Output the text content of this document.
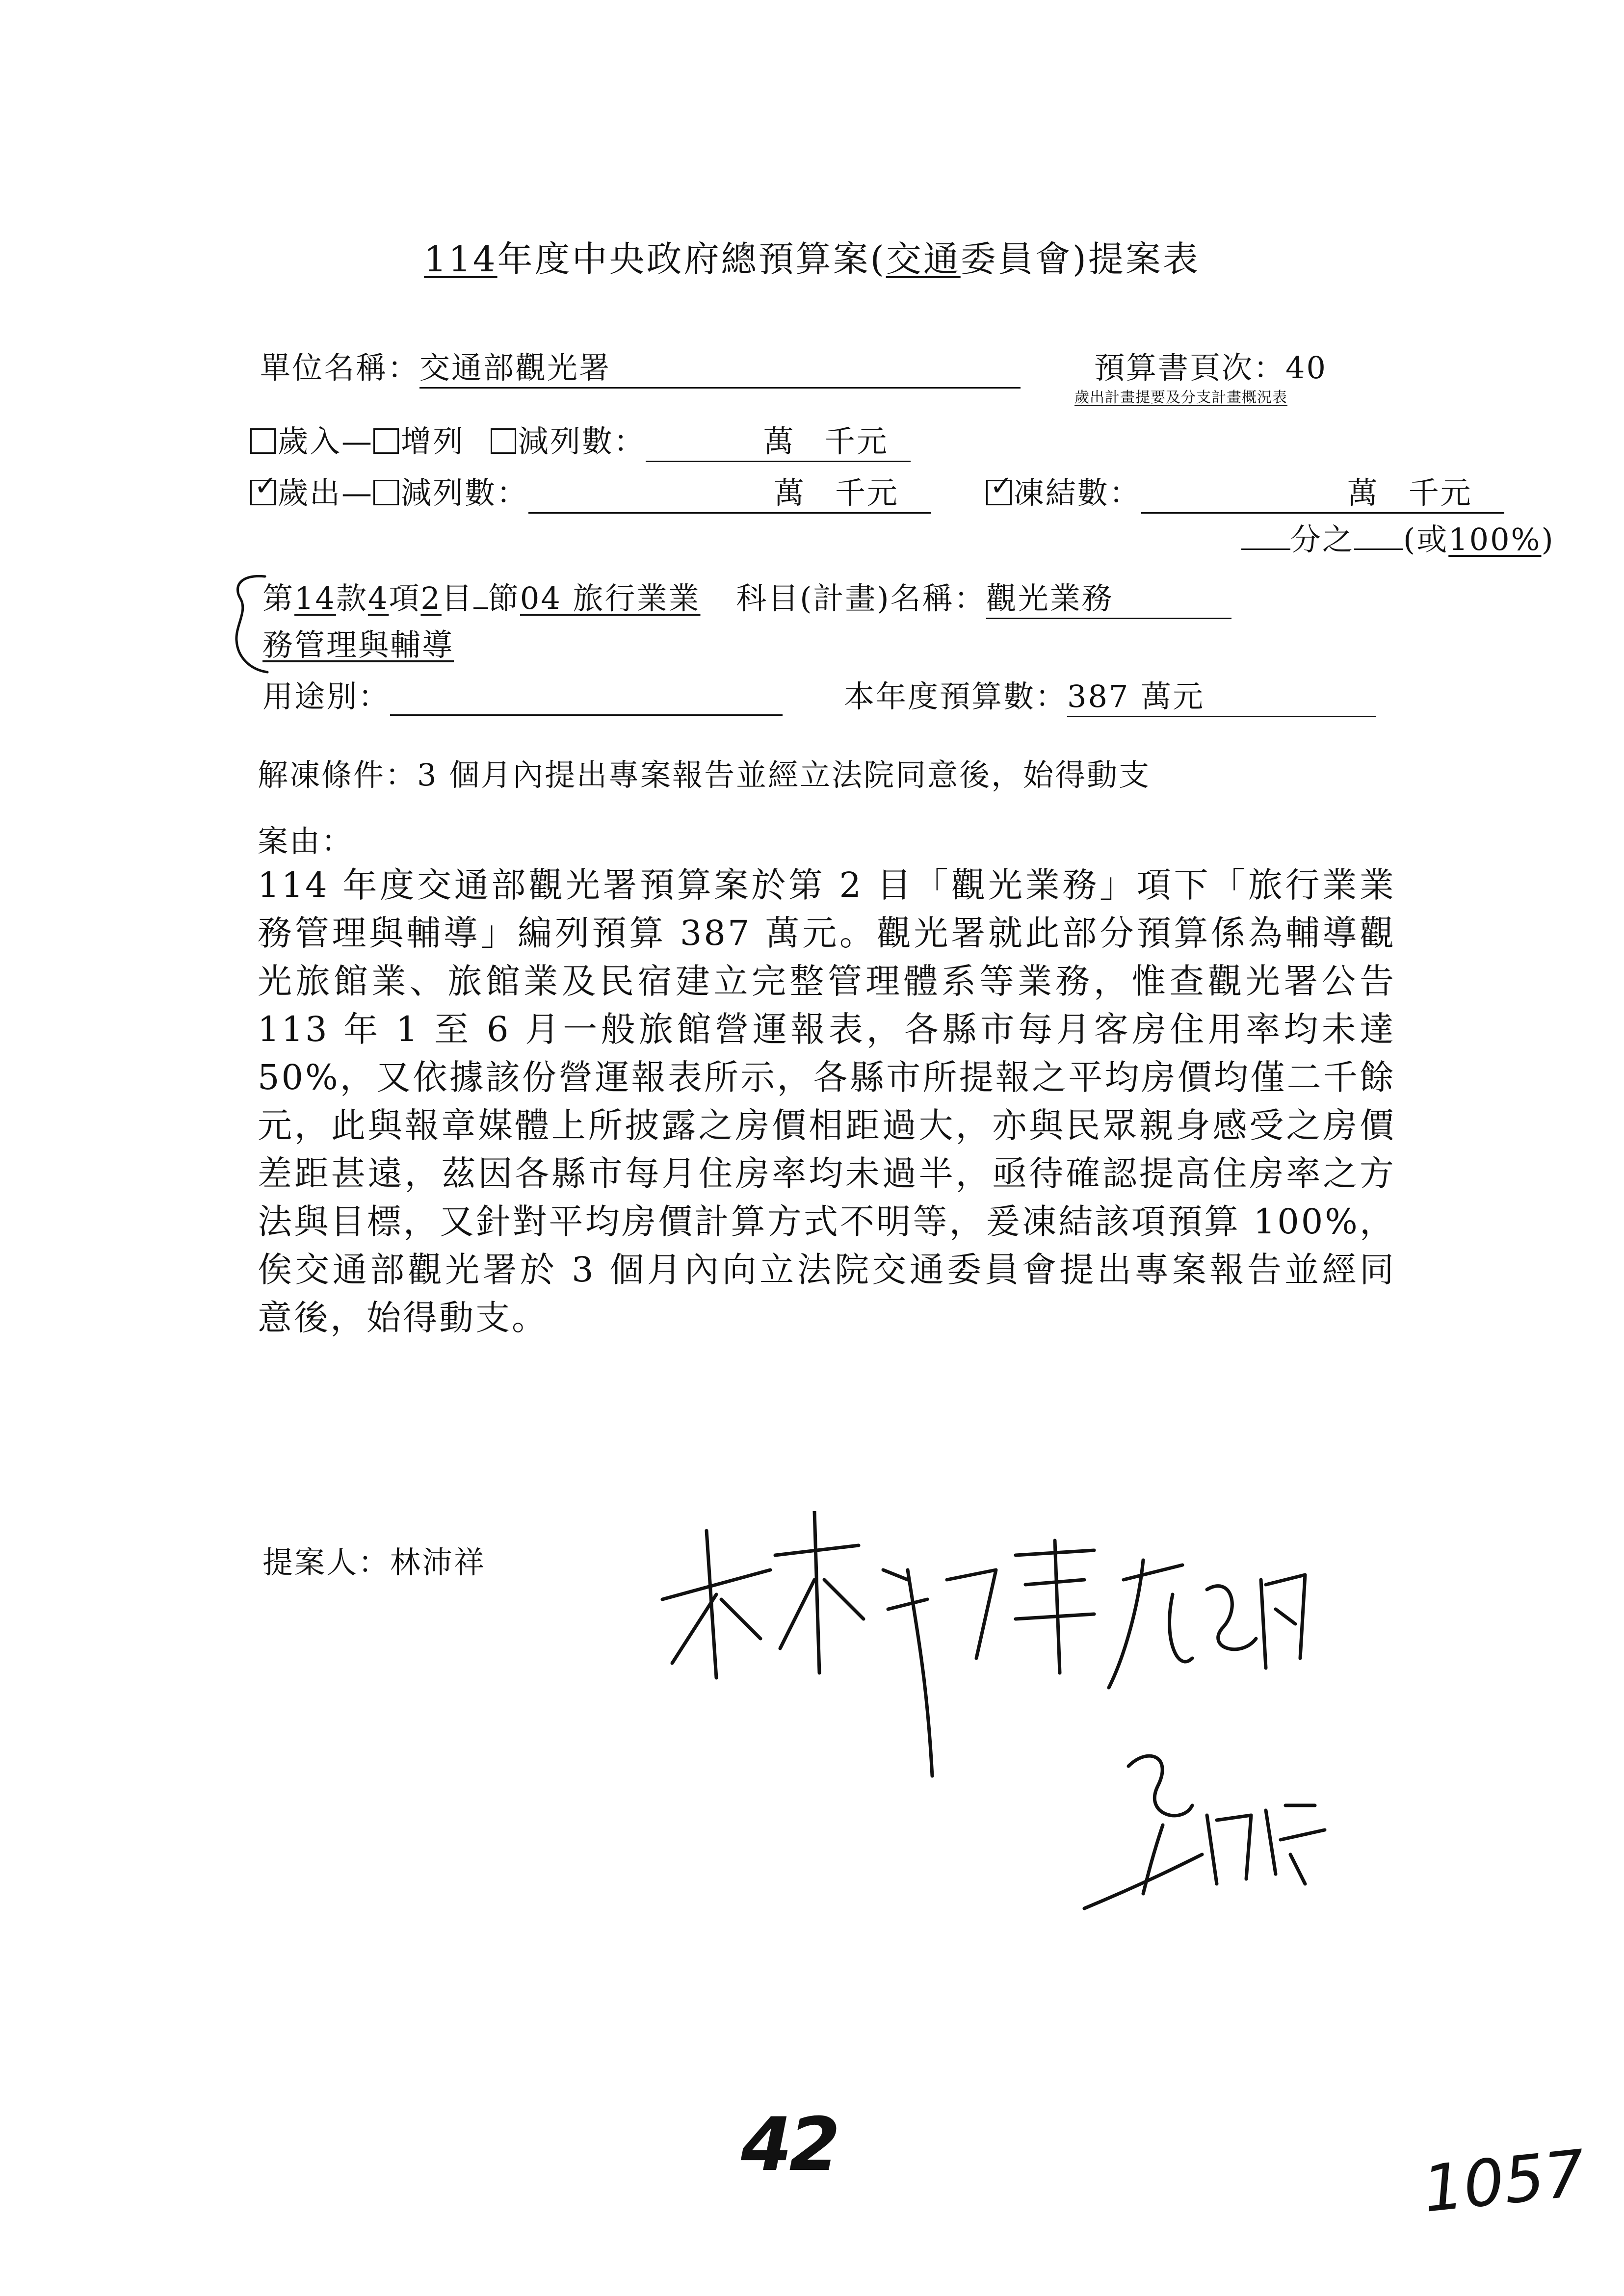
114年度中央政府總預算案(交通委員會)提案表
單位名稱：交通部觀光署	預算書頁次：40
歲出計畫提要及分支計畫概況表
歲入— 增列 減列數：	萬 千元
✓歲出— 減列數：	萬 千元 ✓	凍結數：	萬 千元
分之 (或100%)
第14款4項2目 節04 旅行業業 科目(計畫)名稱：觀光業務
務管理與輔導
用途別：	本年度預算數：387 萬元
解凍條件：3 個月內提出專案報告並經立法院同意後，始得動支
案由：
114 年度交通部觀光署預算案於第 2 目「觀光業務」項下「旅行業業務管理與輔導」編列預算 387 萬元。觀光署就此部分預算係為輔導觀光旅館業、旅館業及民宿建立完整管理體系等業務，惟查觀光署公告 113 年 1 至 6 月一般旅館營運報表，各縣市每月客房住用率均未達 50%，又依據該份營運報表所示，各縣市所提報之平均房價均僅二千餘元，此與報章媒體上所披露之房價相距過大，亦與民眾親身感受之房價差距甚遠，茲因各縣市每月住房率均未過半，亟待確認提高住房率之方法與目標，又針對平均房價計算方式不明等，爰凍結該項預算 100%，俟交通部觀光署於 3 個月內向立法院交通委員會提出專案報告並經同意後，始得動支。
提案人：林沛祥
42	1057
